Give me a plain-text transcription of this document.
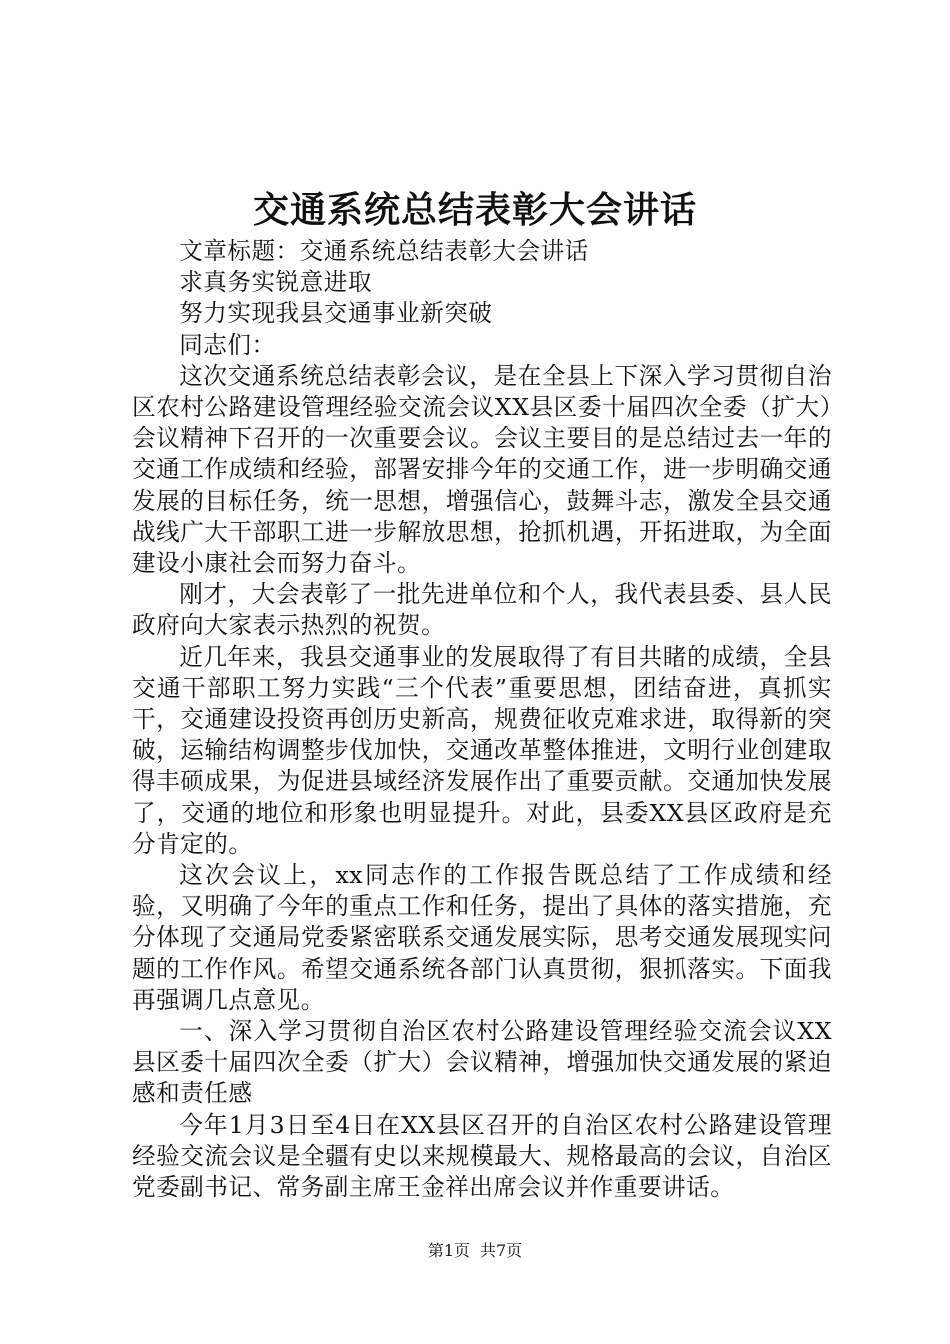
交通系统总结表彰大会讲话

文章标题：交通系统总结表彰大会讲话

求真务实锐意进取

努力实现我县交通事业新突破

同志们：

这次交通系统总结表彰会议，是在全县上下深入学习贯彻自治区农村公路建设管理经验交流会议XX县区委十届四次全委（扩大）会议精神下召开的一次重要会议。会议主要目的是总结过去一年的交通工作成绩和经验，部署安排今年的交通工作，进一步明确交通发展的目标任务，统一思想，增强信心，鼓舞斗志，激发全县交通战线广大干部职工进一步解放思想，抢抓机遇，开拓进取，为全面建设小康社会而努力奋斗。

刚才，大会表彰了一批先进单位和个人，我代表县委、县人民政府向大家表示热烈的祝贺。

近几年来，我县交通事业的发展取得了有目共睹的成绩，全县交通干部职工努力实践“三个代表”重要思想，团结奋进，真抓实干，交通建设投资再创历史新高，规费征收克难求进，取得新的突破，运输结构调整步伐加快，交通改革整体推进，文明行业创建取得丰硕成果，为促进县域经济发展作出了重要贡献。交通加快发展了，交通的地位和形象也明显提升。对此，县委XX县区政府是充分肯定的。

这次会议上，xx同志作的工作报告既总结了工作成绩和经验，又明确了今年的重点工作和任务，提出了具体的落实措施，充分体现了交通局党委紧密联系交通发展实际，思考交通发展现实问题的工作作风。希望交通系统各部门认真贯彻，狠抓落实。下面我再强调几点意见。

一、深入学习贯彻自治区农村公路建设管理经验交流会议XX县区委十届四次全委（扩大）会议精神，增强加快交通发展的紧迫感和责任感

今年1月3日至4日在XX县区召开的自治区农村公路建设管理经验交流会议是全疆有史以来规模最大、规格最高的会议，自治区党委副书记、常务副主席王金祥出席会议并作重要讲话。

第1页 共7页
